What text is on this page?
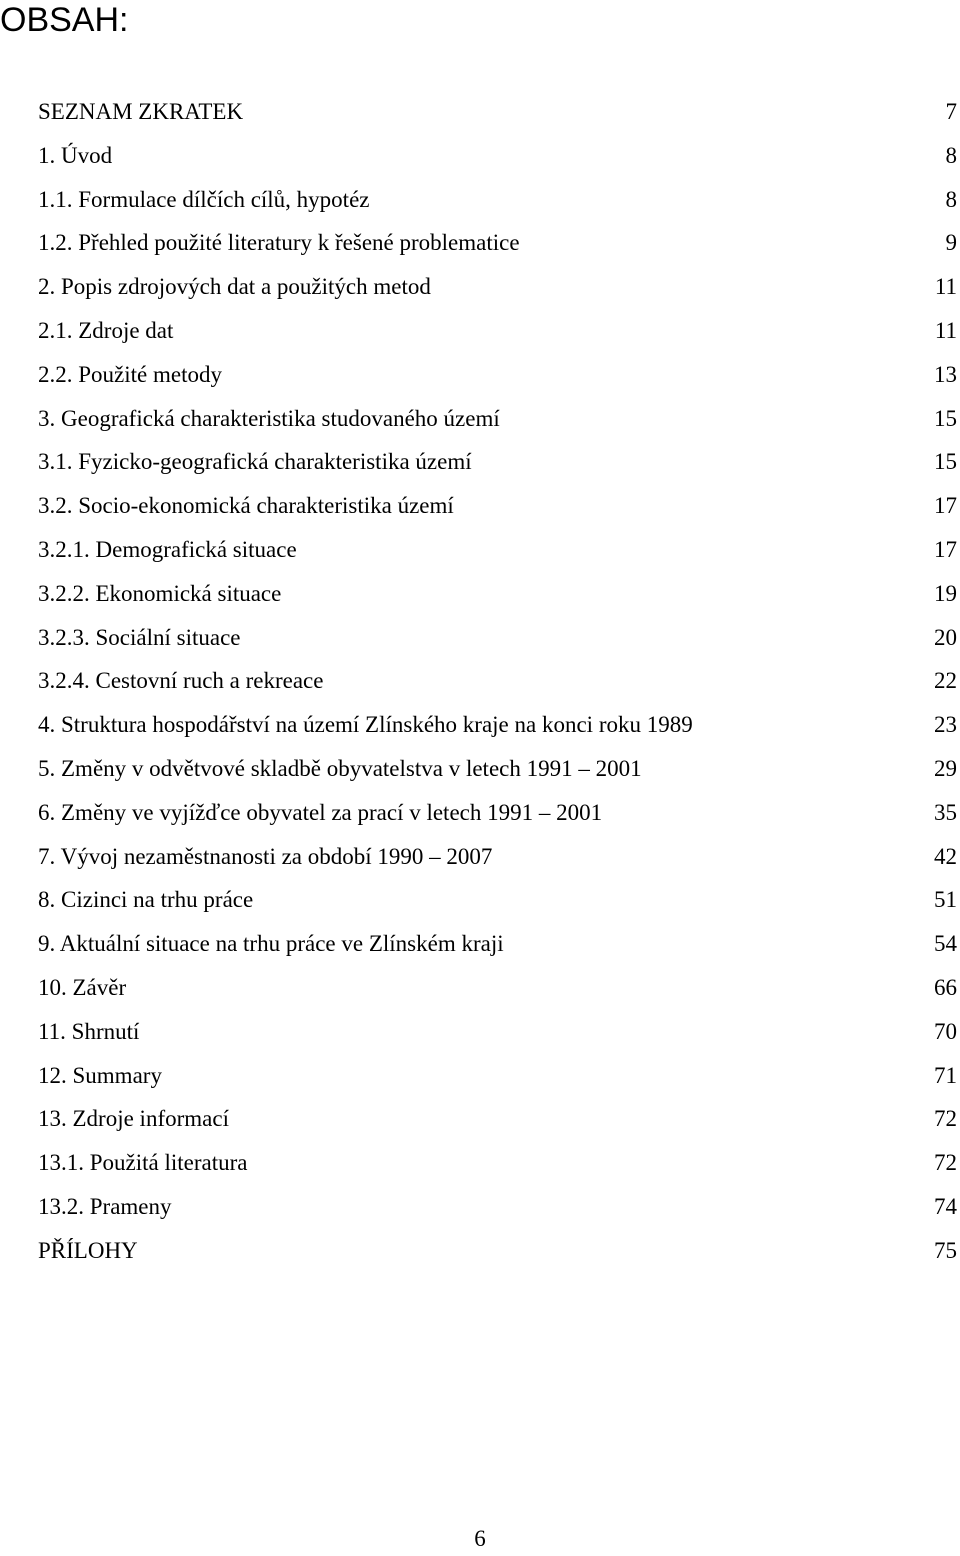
OBSAH:
SEZNAM ZKRATEK	7
1. Úvod	8
1.1. Formulace dílčích cílů, hypotéz	8
1.2. Přehled použité literatury k řešené problematice	9
2. Popis zdrojových dat a použitých metod	11
2.1. Zdroje dat	11
2.2. Použité metody	13
3. Geografická charakteristika studovaného území	15
3.1. Fyzicko-geografická charakteristika území	15
3.2. Socio-ekonomická charakteristika území	17
3.2.1. Demografická situace	17
3.2.2. Ekonomická situace	19
3.2.3. Sociální situace	20
3.2.4. Cestovní ruch a rekreace	22
4. Struktura hospodářství na území Zlínského kraje na konci roku 1989	23
5. Změny v odvětvové skladbě obyvatelstva v letech 1991 – 2001	29
6. Změny ve vyjížďce obyvatel za prací v letech 1991 – 2001	35
7. Vývoj nezaměstnanosti za období 1990 – 2007	42
8. Cizinci na trhu práce	51
9. Aktuální situace na trhu práce ve Zlínském kraji	54
10. Závěr	66
11. Shrnutí	70
12. Summary	71
13. Zdroje informací	72
13.1. Použitá literatura	72
13.2. Prameny	74
PŘÍLOHY	75
6
